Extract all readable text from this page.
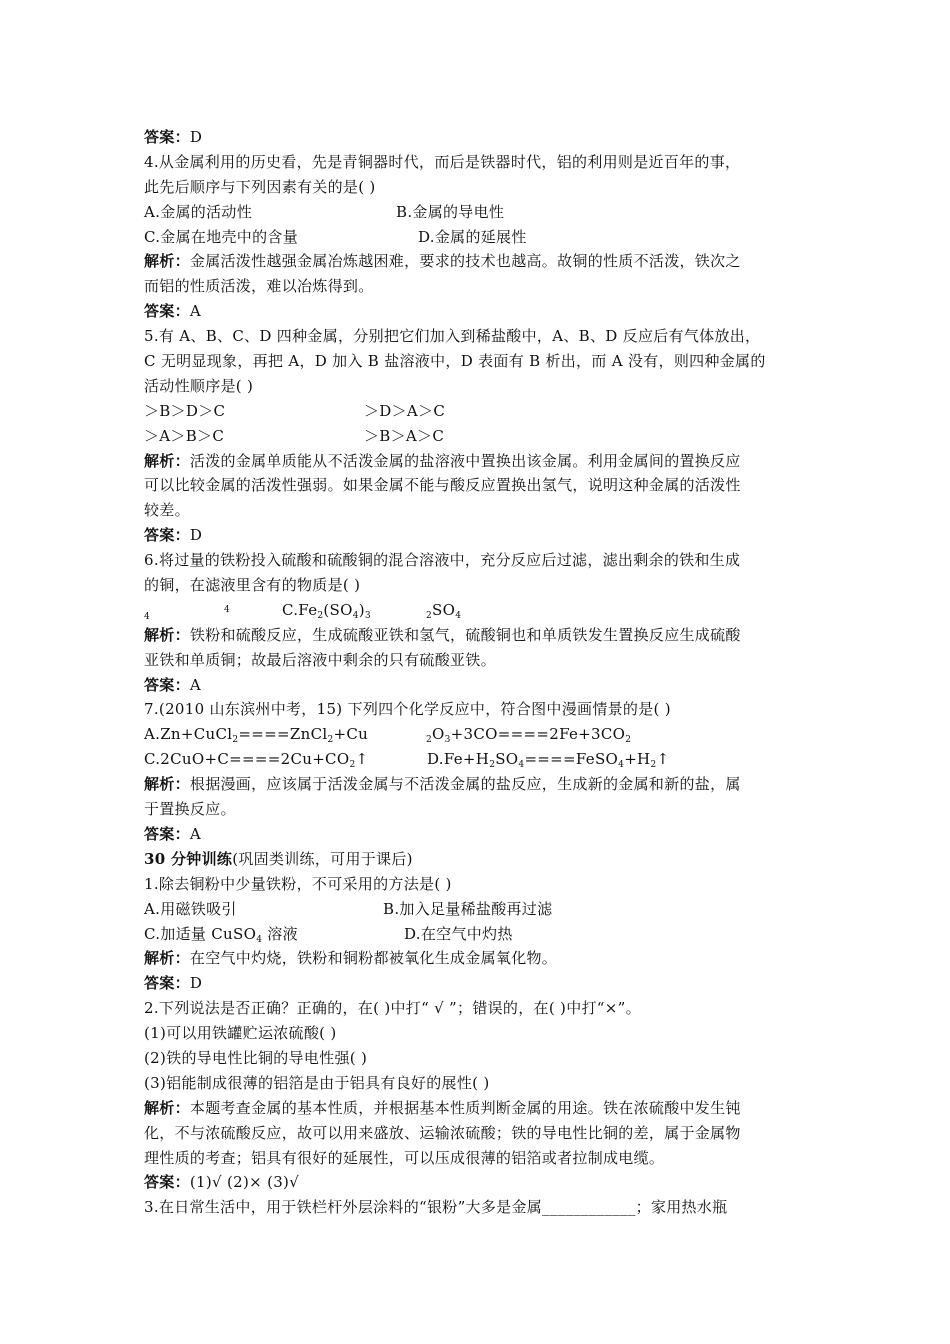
答案：D
4.从金属利用的历史看，先是青铜器时代，而后是铁器时代，铝的利用则是近百年的事，
此先后顺序与下列因素有关的是( )
A.金属的活动性	B.金属的导电性
C.金属在地壳中的含量	D.金属的延展性
解析：金属活泼性越强金属冶炼越困难，要求的技术也越高。故铜的性质不活泼，铁次之
而铝的性质活泼，难以冶炼得到。
答案：A
5.有 A、B、C、D 四种金属，分别把它们加入到稀盐酸中，A、B、D 反应后有气体放出，
C 无明显现象，再把 A，D 加入 B 盐溶液中，D 表面有 B 析出，而 A 没有，则四种金属的
活动性顺序是( )
＞B＞D＞C	＞D＞A＞C
＞A＞B＞C	＞B＞A＞C
解析：活泼的金属单质能从不活泼金属的盐溶液中置换出该金属。利用金属间的置换反应
可以比较金属的活泼性强弱。如果金属不能与酸反应置换出氢气，说明这种金属的活泼性
较差。
答案：D
6.将过量的铁粉投入硫酸和硫酸铜的混合溶液中，充分反应后过滤，滤出剩余的铁和生成
的铜，在滤液里含有的物质是( )
$_4$
4	$C.Fe_2(SO_4)_3$	$_2SO_4$
解析：铁粉和硫酸反应，生成硫酸亚铁和氢气，硫酸铜也和单质铁发生置换反应生成硫酸
亚铁和单质铜；故最后溶液中剩余的只有硫酸亚铁。
答案：A
7.(2010 山东滨州中考，15) 下列四个化学反应中，符合图中漫画情景的是( )
A.Zn+CuCl$_2$====ZnCl$_2$+Cu	$_2O_3+3CO====2Fe+3CO_2$
$C.2CuO+C====2Cu+CO_2↑$	$D.Fe+H_2SO_4====FeSO_4+H_2↑$
解析：根据漫画，应该属于活泼金属与不活泼金属的盐反应，生成新的金属和新的盐，属
于置换反应。
答案：A
30 分钟训练(巩固类训练，可用于课后)
1.除去铜粉中少量铁粉，不可采用的方法是( )
A.用磁铁吸引	B.加入足量稀盐酸再过滤
C.加适量 CuSO$_4$ 溶液	D.在空气中灼热
解析：在空气中灼烧，铁粉和铜粉都被氧化生成金属氧化物。
答案：D
2.下列说法是否正确？正确的，在( )中打“ √ ”；错误的，在( )中打“×”。
(1)可以用铁罐贮运浓硫酸( )
(2)铁的导电性比铜的导电性强( )
(3)铝能制成很薄的铝箔是由于铝具有良好的展性( )
解析：本题考查金属的基本性质，并根据基本性质判断金属的用途。铁在浓硫酸中发生钝
化，不与浓硫酸反应，故可以用来盛放、运输浓硫酸；铁的导电性比铜的差，属于金属物
理性质的考查；铝具有很好的延展性，可以压成很薄的铝箔或者拉制成电缆。
答案：(1)√ (2)× (3)√
3.在日常生活中，用于铁栏杆外层涂料的“银粉”大多是金属____________；家用热水瓶
